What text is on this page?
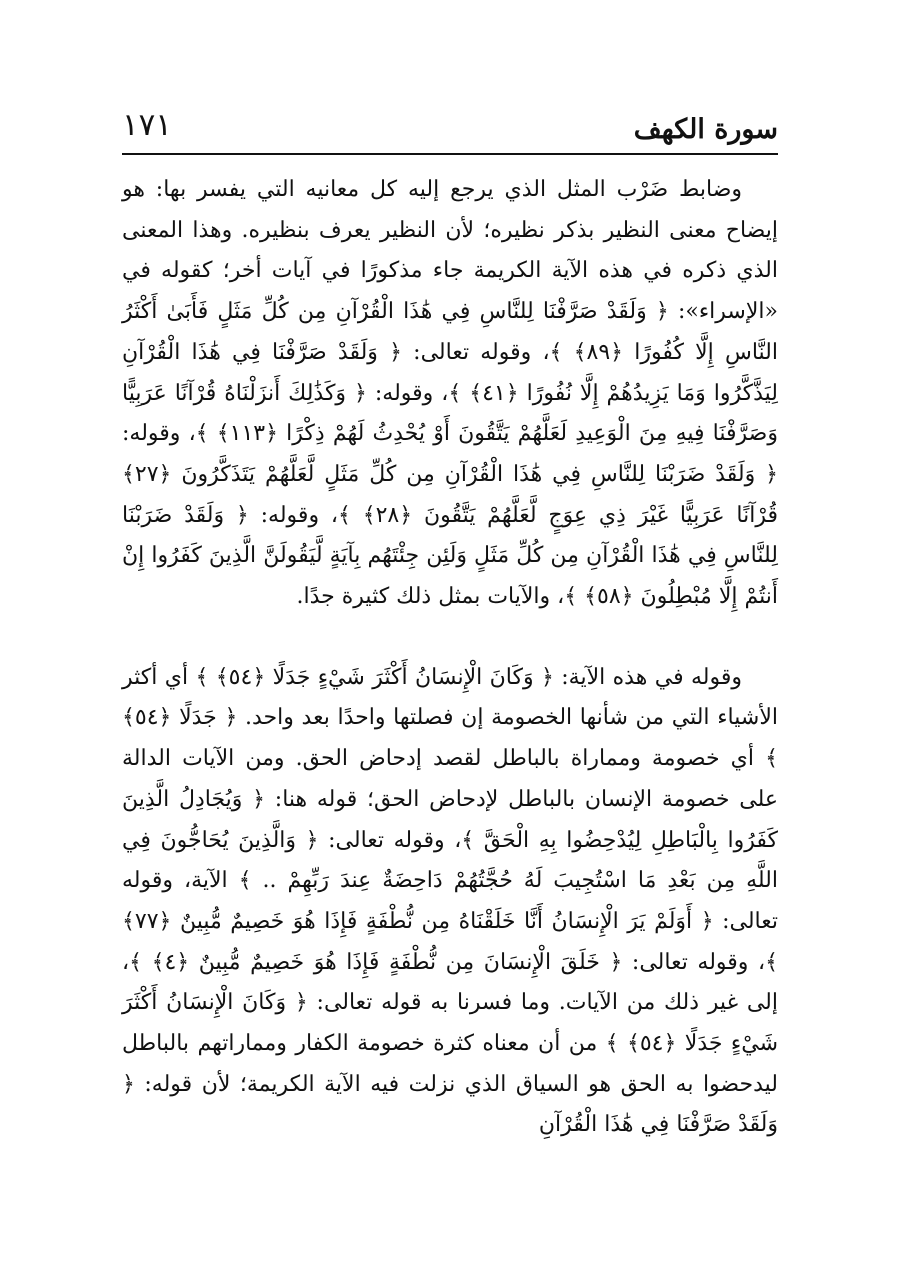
سورة الكهف
١٧١

وضابط ضَرْب المثل الذي يرجع إليه كل معانيه التي يفسر بها: هو إيضاح معنى النظير بذكر نظيره؛ لأن النظير يعرف بنظيره. وهذا المعنى الذي ذكره في هذه الآية الكريمة جاء مذكورًا في آيات أخر؛ كقوله في «الإسراء»: ﴿ وَلَقَدْ صَرَّفْنَا لِلنَّاسِ فِي هَٰذَا الْقُرْآنِ مِن كُلِّ مَثَلٍ فَأَبَىٰ أَكْثَرُ النَّاسِ إِلَّا كُفُورًا ﴿٨٩﴾ ﴾، وقوله تعالى: ﴿ وَلَقَدْ صَرَّفْنَا فِي هَٰذَا الْقُرْآنِ لِيَذَّكَّرُوا وَمَا يَزِيدُهُمْ إِلَّا نُفُورًا ﴿٤١﴾ ﴾، وقوله: ﴿ وَكَذَٰلِكَ أَنزَلْنَاهُ قُرْآنًا عَرَبِيًّا وَصَرَّفْنَا فِيهِ مِنَ الْوَعِيدِ لَعَلَّهُمْ يَتَّقُونَ أَوْ يُحْدِثُ لَهُمْ ذِكْرًا ﴿١١٣﴾ ﴾، وقوله: ﴿ وَلَقَدْ ضَرَبْنَا لِلنَّاسِ فِي هَٰذَا الْقُرْآنِ مِن كُلِّ مَثَلٍ لَّعَلَّهُمْ يَتَذَكَّرُونَ ﴿٢٧﴾ قُرْآنًا عَرَبِيًّا غَيْرَ ذِي عِوَجٍ لَّعَلَّهُمْ يَتَّقُونَ ﴿٢٨﴾ ﴾، وقوله: ﴿ وَلَقَدْ ضَرَبْنَا لِلنَّاسِ فِي هَٰذَا الْقُرْآنِ مِن كُلِّ مَثَلٍ وَلَئِن جِئْتَهُم بِآيَةٍ لَّيَقُولَنَّ الَّذِينَ كَفَرُوا إِنْ أَنتُمْ إِلَّا مُبْطِلُونَ ﴿٥٨﴾ ﴾، والآيات بمثل ذلك كثيرة جدًا.

وقوله في هذه الآية: ﴿ وَكَانَ الْإِنسَانُ أَكْثَرَ شَيْءٍ جَدَلًا ﴿٥٤﴾ ﴾ أي أكثر الأشياء التي من شأنها الخصومة إن فصلتها واحدًا بعد واحد. ﴿ جَدَلًا ﴿٥٤﴾ ﴾ أي خصومة ومماراة بالباطل لقصد إدحاض الحق. ومن الآيات الدالة على خصومة الإنسان بالباطل لإدحاض الحق؛ قوله هنا: ﴿ وَيُجَادِلُ الَّذِينَ كَفَرُوا بِالْبَاطِلِ لِيُدْحِضُوا بِهِ الْحَقَّ ﴾، وقوله تعالى: ﴿ وَالَّذِينَ يُحَاجُّونَ فِي اللَّهِ مِن بَعْدِ مَا اسْتُجِيبَ لَهُ حُجَّتُهُمْ دَاحِضَةٌ عِندَ رَبِّهِمْ .. ﴾ الآية، وقوله تعالى: ﴿ أَوَلَمْ يَرَ الْإِنسَانُ أَنَّا خَلَقْنَاهُ مِن نُّطْفَةٍ فَإِذَا هُوَ خَصِيمٌ مُّبِينٌ ﴿٧٧﴾ ﴾، وقوله تعالى: ﴿ خَلَقَ الْإِنسَانَ مِن نُّطْفَةٍ فَإِذَا هُوَ خَصِيمٌ مُّبِينٌ ﴿٤﴾ ﴾، إلى غير ذلك من الآيات. وما فسرنا به قوله تعالى: ﴿ وَكَانَ الْإِنسَانُ أَكْثَرَ شَيْءٍ جَدَلًا ﴿٥٤﴾ ﴾ من أن معناه كثرة خصومة الكفار ومماراتهم بالباطل ليدحضوا به الحق هو السياق الذي نزلت فيه الآية الكريمة؛ لأن قوله: ﴿ وَلَقَدْ صَرَّفْنَا فِي هَٰذَا الْقُرْآنِ
